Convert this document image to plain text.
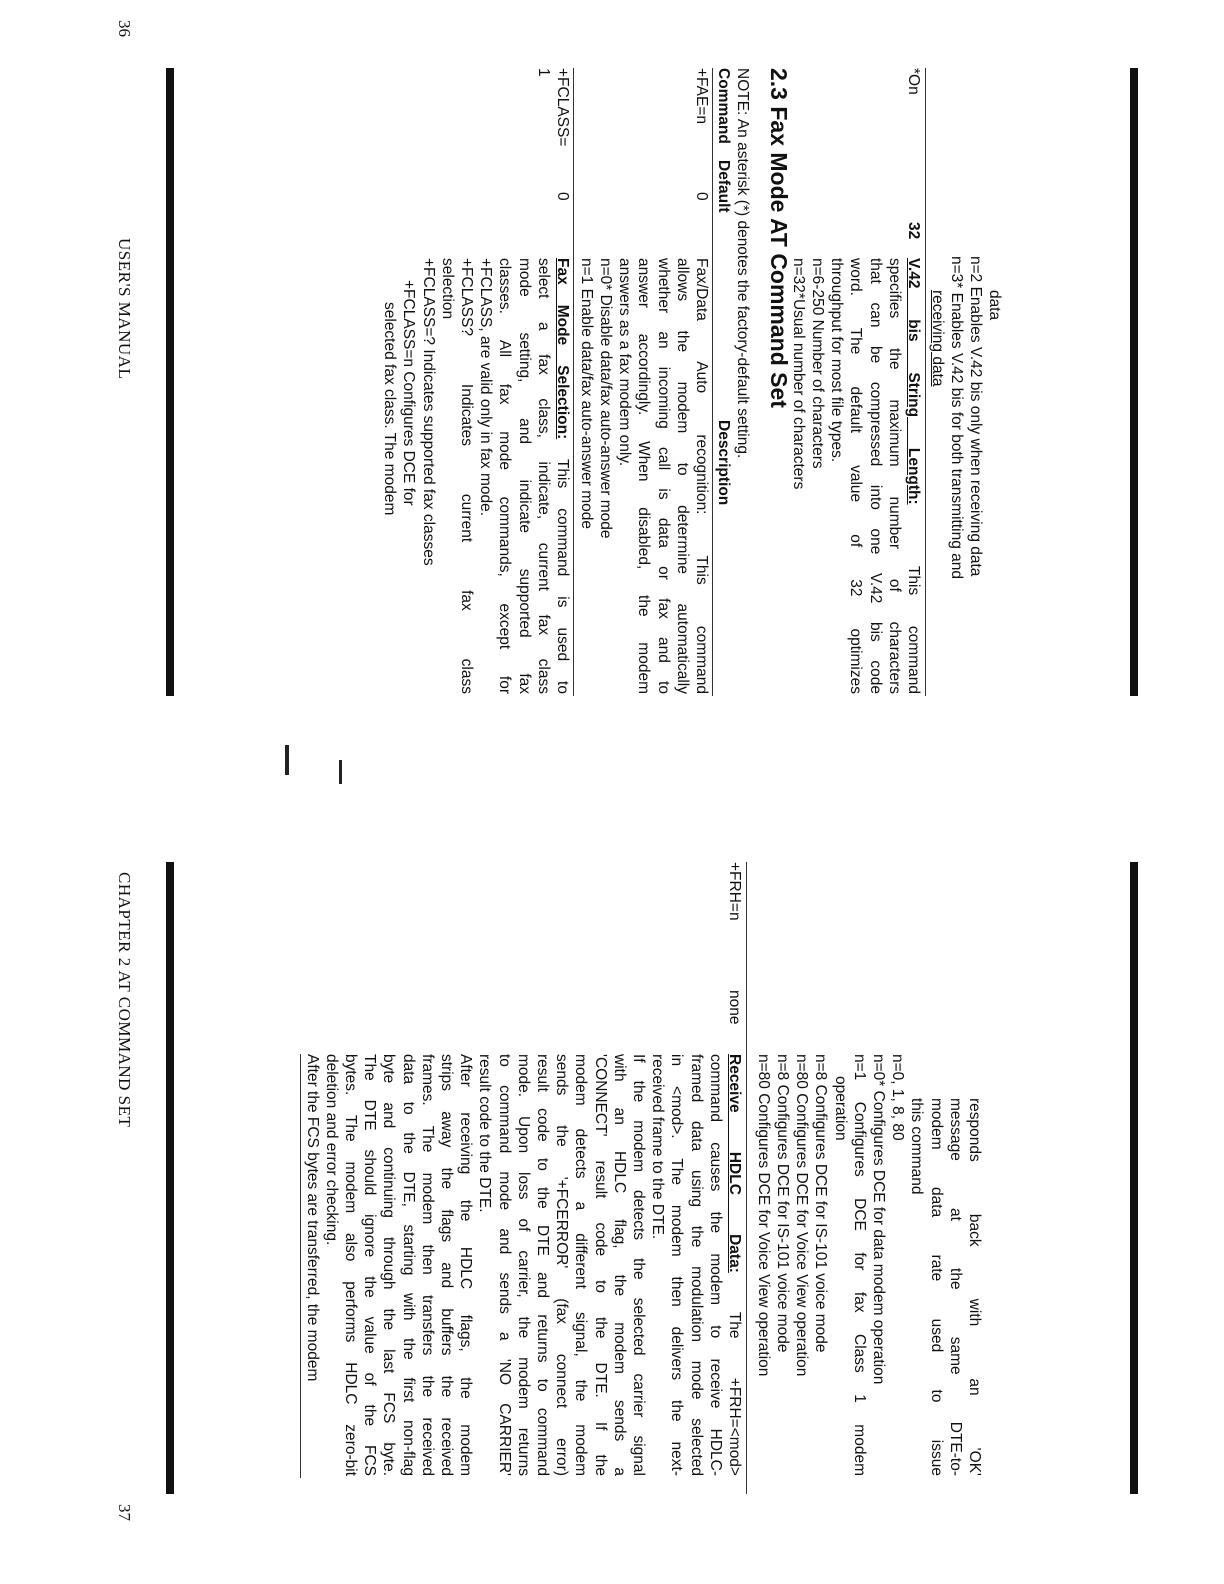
data
n=2 Enables V.42 bis only when receiving data
n=3* Enables V.42 bis for both transmitting and
receiving data
*On
32

V.42 bis String Length:  This command

specifies the maximum number of characters

that can be compressed into one V.42 bis code

word. The default value of 32 optimizes

throughput for most file types.

n=6-250 Number of characters

n=32*Usual number of characters

2.3 Fax Mode AT Command Set
NOTE: An asterisk (*) denotes the factory-default setting.
Command
Default
Description
+FAE=n
0

Fax/Data Auto recognition: This command

allows the modem to determine automatically

whether an incoming call is data or fax and to

answer accordingly. When disabled, the modem

answers as a fax modem only.

n=0* Disable data/fax auto-answer mode

n=1 Enable data/fax auto-answer mode

+FCLASS=
1
0

Fax Mode Selection: This command is used to

select a fax class, indicate, current fax class

mode setting, and indicate supported fax

classes. All fax mode commands, except for

+FCLASS, are valid only in fax mode.

+FCLASS? Indicates current fax class

selection

+FCLASS=? Indicates supported fax classes

+FCLASS=n Configures DCE for

selected fax class. The modem

USER'S MANUAL
36

responds back with an 'OK'

message at the same DTE-to-

modem data rate used to issue

this command

n=0, 1, 8, 80

n=0* Configures DCE for data modem operation

n=1 Configures DCE for fax Class 1 modem

operation

n=8 Configures DCE for IS-101 voice mode

n=80 Configures DCE for Voice View operation

n=8 Configures DCE for IS-101 voice mode

n=80 Configures DCE for Voice View operation

+FRH=n
none

Receive HDLC Data: The +FRH=<mod>

command causes the modem to receive HDLC-

framed data using the modulation mode selected

in <mod>. The modem then delivers the next-

received frame to the DTE.

If the modem detects the selected carrier signal

with an HDLC flag, the modem sends a

'CONNECT' result code to the DTE. If the

modem detects a different signal, the modem

sends the '+FCERROR' (fax connect error)

result code to the DTE and returns to command

mode. Upon loss of carrier, the modem returns

to command mode and sends a 'NO CARRIER'

result code to the DTE.

After receiving the HDLC flags, the modem

strips away the flags and buffers the received

frames. The modem then transfers the received

data to the DTE, starting with the first non-flag

byte and continuing through the last FCS byte.

The DTE should ignore the value of the FCS

bytes. The modem also performs HDLC zero-bit

deletion and error checking.

After the FCS bytes are transferred, the modem

CHAPTER 2 AT COMMAND SET
37
